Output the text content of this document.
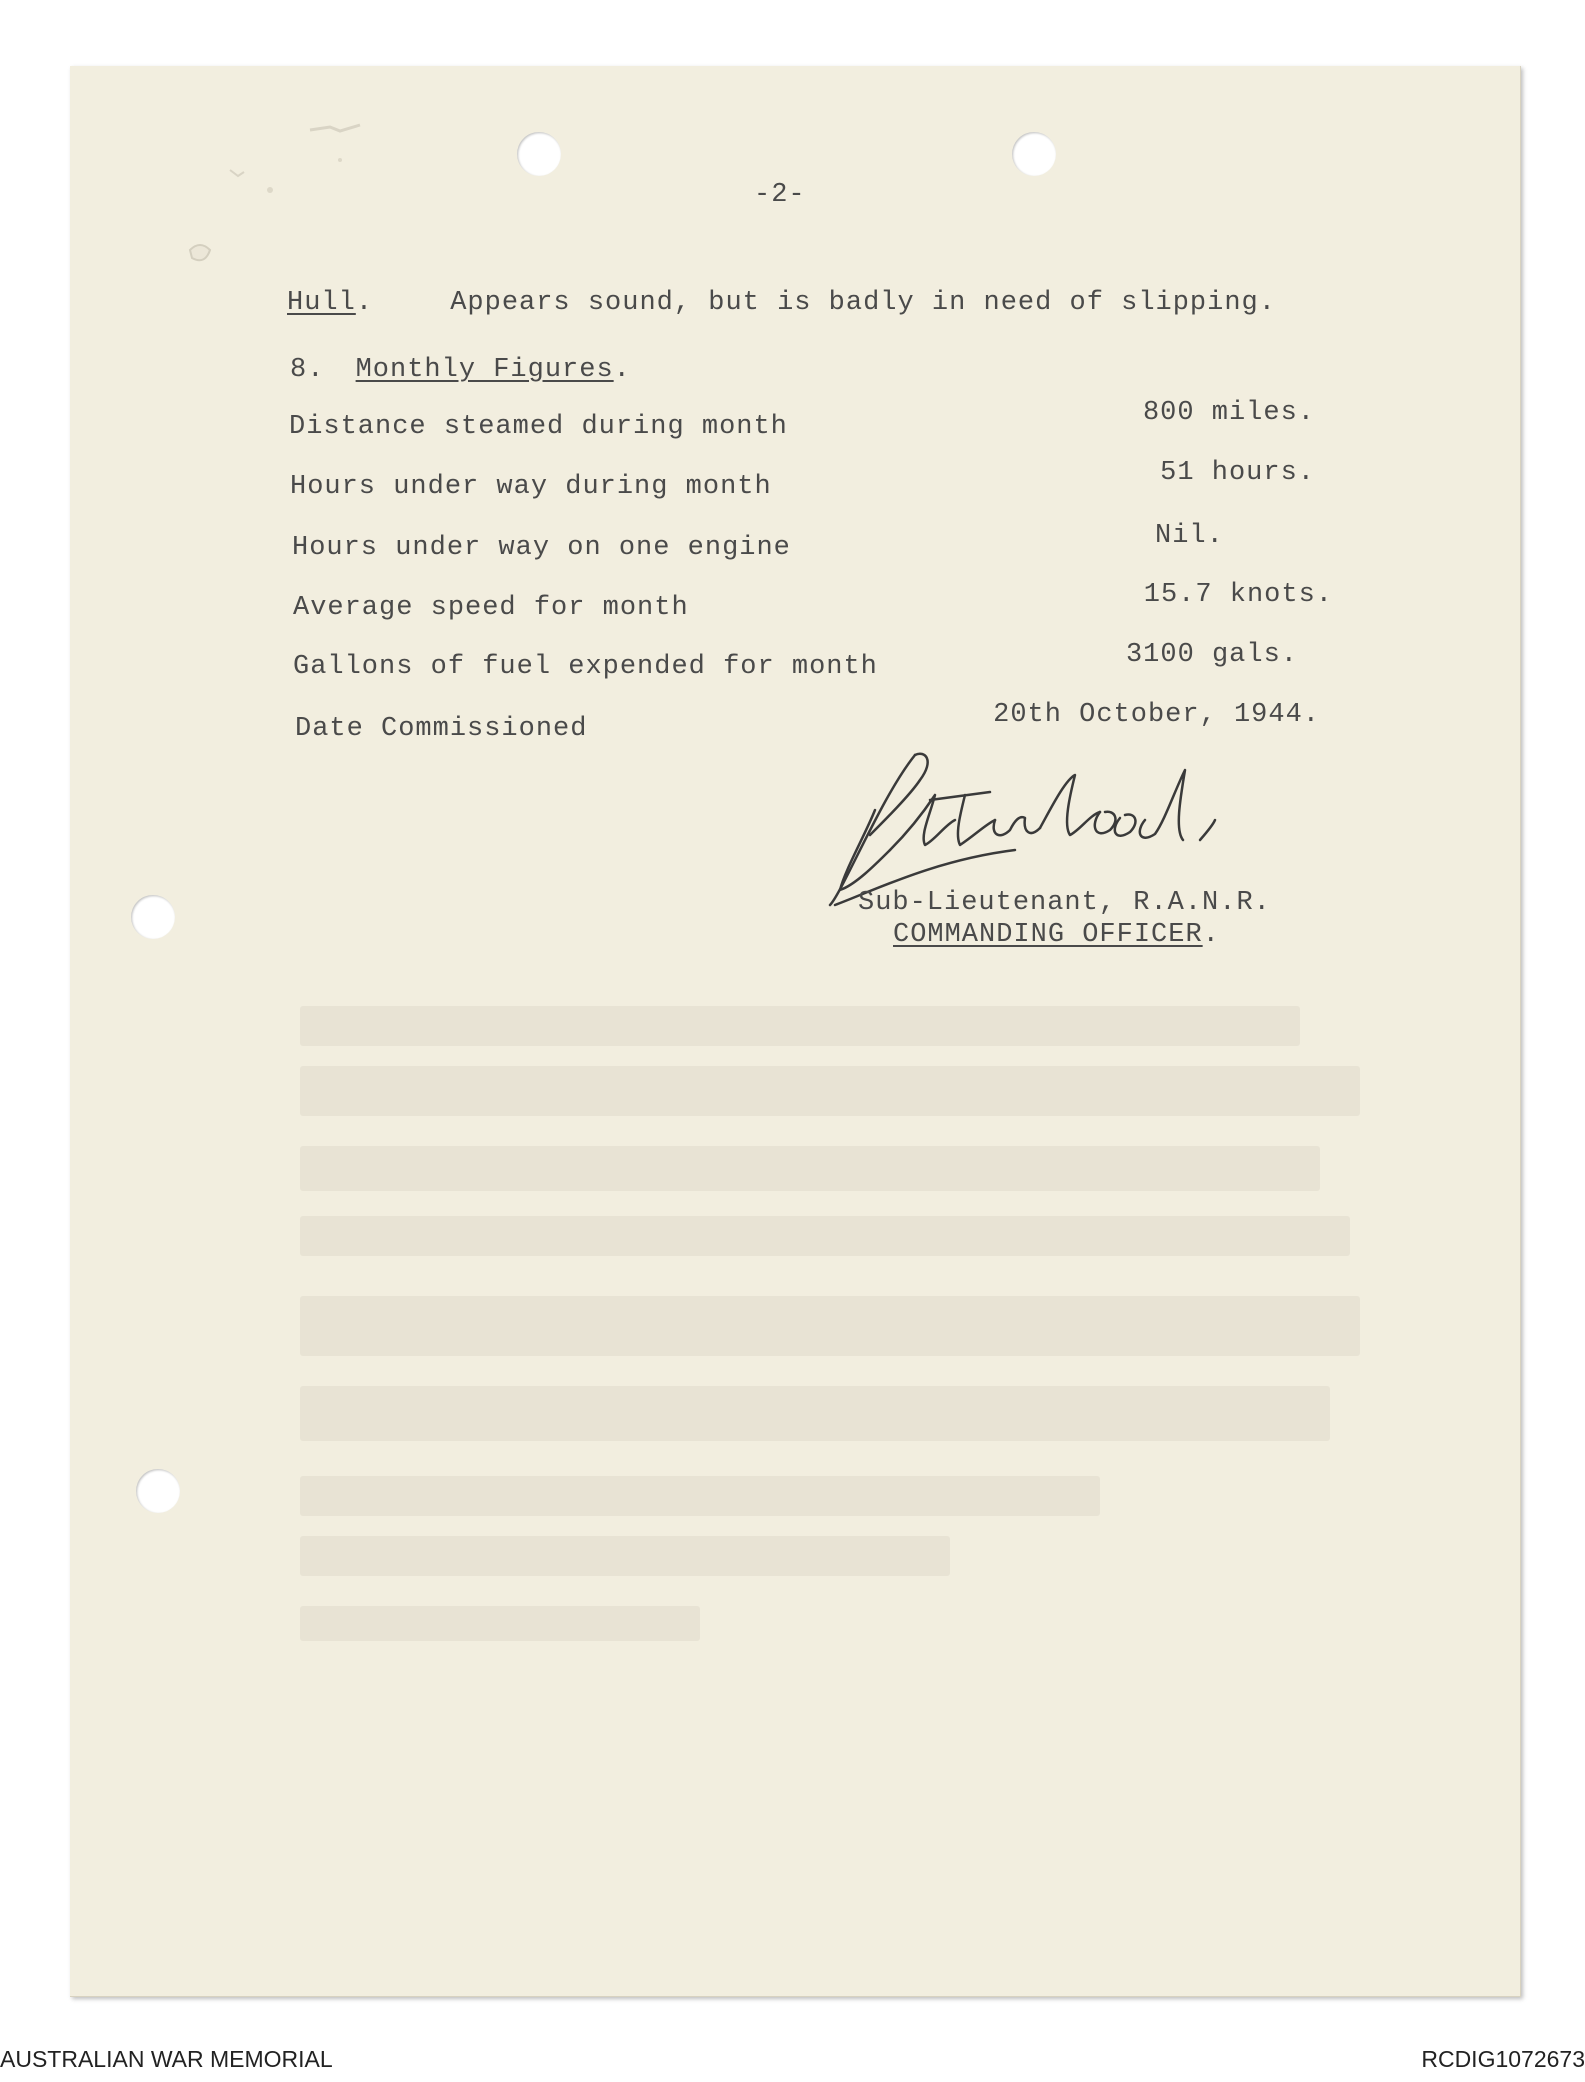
-2-
Hull.	Appears sound, but is badly in need of slipping.
8. Monthly Figures.
Distance steamed during month	800 miles.
Hours under way during month	51 hours.
Hours under way on one engine	Nil.
Average speed for month	15.7 knots.
Gallons of fuel expended for month	3100 gals.
Date Commissioned	20th October, 1944.
Sub-Lieutenant, R.A.N.R.
COMMANDING OFFICER.
AUSTRALIAN WAR MEMORIAL	RCDIG1072673
